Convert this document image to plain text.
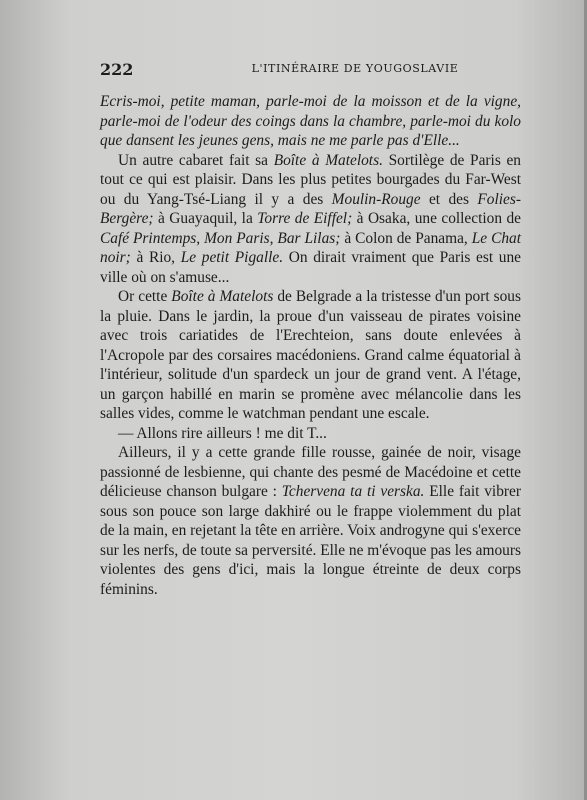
222	L'ITINÉRAIRE DE YOUGOSLAVIE

Ecris-moi, petite maman, parle-moi de la moisson et de la vigne, parle-moi de l'odeur des coings dans la chambre, parle-moi du kolo que dansent les jeunes gens, mais ne me parle pas d'Elle...

Un autre cabaret fait sa Boîte à Matelots. Sortilège de Paris en tout ce qui est plaisir. Dans les plus petites bourgades du Far-West ou du Yang-Tsé-Liang il y a des Moulin-Rouge et des Folies-Bergère; à Guayaquil, la Torre de Eiffel; à Osaka, une collection de Café Printemps, Mon Paris, Bar Lilas; à Colon de Panama, Le Chat noir; à Rio, Le petit Pigalle. On dirait vraiment que Paris est une ville où on s'amuse...

Or cette Boîte à Matelots de Belgrade a la tristesse d'un port sous la pluie. Dans le jardin, la proue d'un vaisseau de pirates voisine avec trois cariatides de l'Erechteion, sans doute enlevées à l'Acropole par des corsaires macédoniens. Grand calme équatorial à l'intérieur, solitude d'un spardeck un jour de grand vent. A l'étage, un garçon habillé en marin se promène avec mélancolie dans les salles vides, comme le watchman pendant une escale.

— Allons rire ailleurs ! me dit T...

Ailleurs, il y a cette grande fille rousse, gainée de noir, visage passionné de lesbienne, qui chante des pesmé de Macédoine et cette délicieuse chanson bulgare : Tchervena ta ti verska. Elle fait vibrer sous son pouce son large dakhiré ou le frappe violemment du plat de la main, en rejetant la tête en arrière. Voix androgyne qui s'exerce sur les nerfs, de toute sa perversité. Elle ne m'évoque pas les amours violentes des gens d'ici, mais la longue étreinte de deux corps féminins.
